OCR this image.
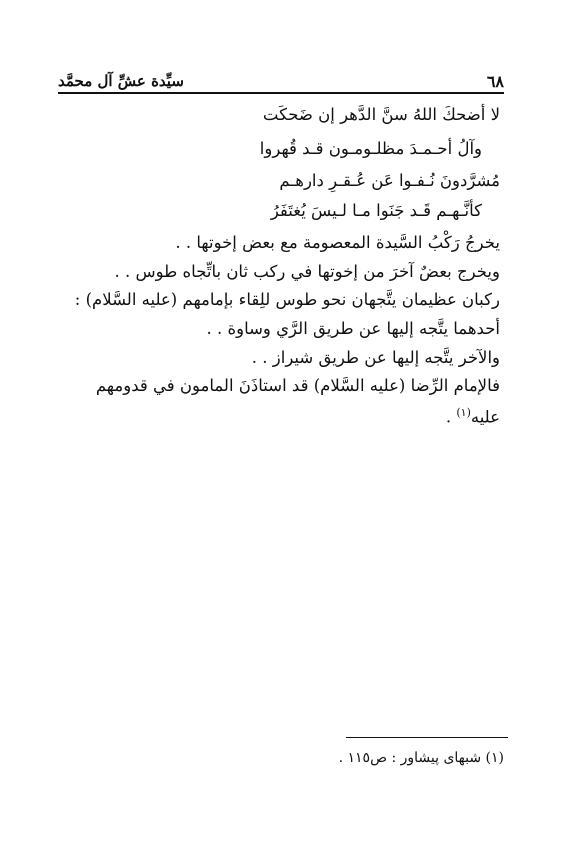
سيِّدة عشِّ آل محمَّد	٦٨
لا أضحكَ اللهُ سنَّ الدَّهر إن ضَحكَت
وآلُ أحـمـدَ مظلـومـون قـد قُهروا
مُشرَّدونَ نُـفـوا عَن عُـقـرِ دارهـم
كأنَّـهـم قَـد جَنَوا مـا لـيسَ يُغتَفَرُ
يخرجُ رَكْبُ السَّيدة المعصومة مع بعض إخوتها . .
ويخرج بعضٌ آخرَ من إخوتها في ركب ثان باتِّجاه طوس . .
ركبان عظيمان يتَّجهان نحو طوس للِقاء بإمامهم (عليه السَّلام) :
أحدهما يتَّجه إليها عن طريق الرَّي وساوة . .
والآخر يتَّجه إليها عن طريق شيراز . .
فالإمام الرِّضا (عليه السَّلام) قد استاذَنَ المامون في قدومهم
عليه$^{(١)}$ .
(١) شبهاى پيشاور : ص١١٥ .
